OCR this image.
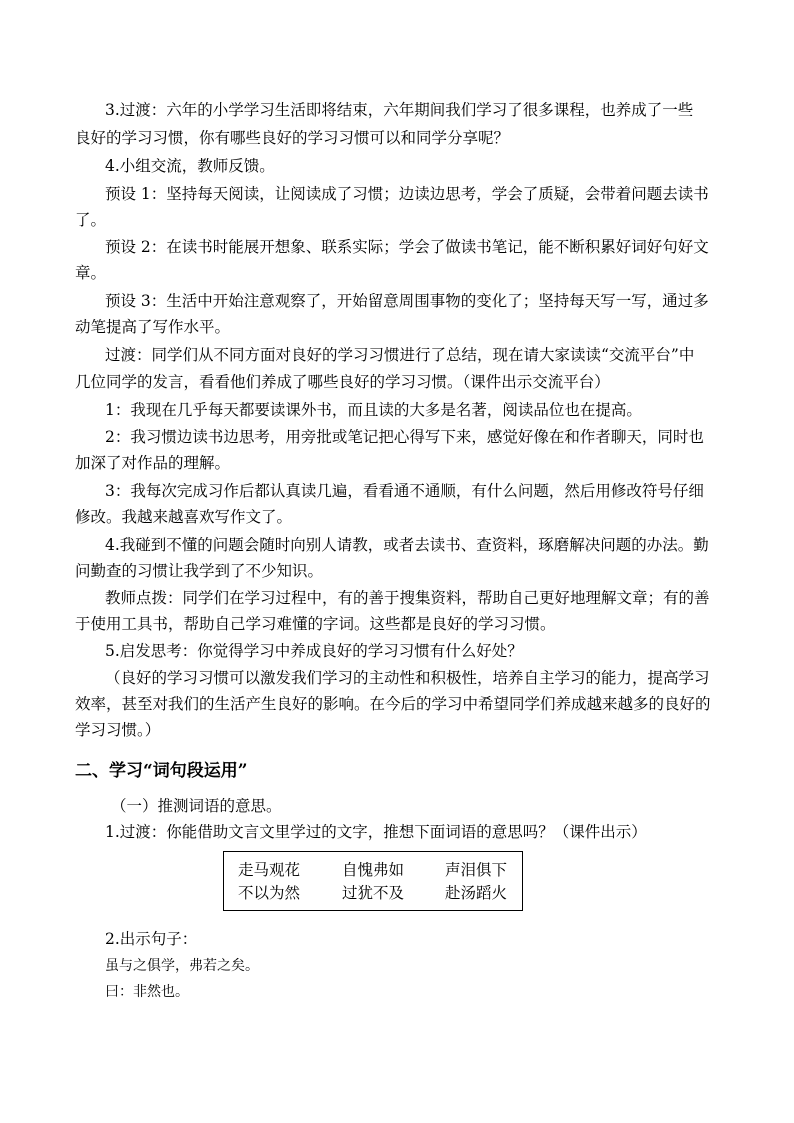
3.过渡：六年的小学学习生活即将结束，六年期间我们学习了很多课程，也养成了一些
良好的学习习惯，你有哪些良好的学习习惯可以和同学分享呢？
4.小组交流，教师反馈。
预设 1：坚持每天阅读，让阅读成了习惯；边读边思考，学会了质疑，会带着问题去读书
了。
预设 2：在读书时能展开想象、联系实际；学会了做读书笔记，能不断积累好词好句好文
章。
预设 3：生活中开始注意观察了，开始留意周围事物的变化了；坚持每天写一写，通过多
动笔提高了写作水平。
过渡：同学们从不同方面对良好的学习习惯进行了总结，现在请大家读读“交流平台”中
几位同学的发言，看看他们养成了哪些良好的学习习惯。（课件出示交流平台）
1：我现在几乎每天都要读课外书，而且读的大多是名著，阅读品位也在提高。
2：我习惯边读书边思考，用旁批或笔记把心得写下来，感觉好像在和作者聊天，同时也
加深了对作品的理解。
3：我每次完成习作后都认真读几遍，看看通不通顺，有什么问题，然后用修改符号仔细
修改。我越来越喜欢写作文了。
4.我碰到不懂的问题会随时向别人请教，或者去读书、查资料，琢磨解决问题的办法。勤
问勤查的习惯让我学到了不少知识。
教师点拨：同学们在学习过程中，有的善于搜集资料，帮助自己更好地理解文章；有的善
于使用工具书，帮助自己学习难懂的字词。这些都是良好的学习习惯。
5.启发思考：你觉得学习中养成良好的学习习惯有什么好处？
（良好的学习习惯可以激发我们学习的主动性和积极性，培养自主学习的能力，提高学习
效率，甚至对我们的生活产生良好的影响。在今后的学习中希望同学们养成越来越多的良好的
学习习惯。）
二、学习“词句段运用”
（一）推测词语的意思。
1.过渡：你能借助文言文里学过的文字，推想下面词语的意思吗？（课件出示）
走马观花	自愧弗如	声泪俱下
不以为然	过犹不及	赴汤蹈火
2.出示句子：
虽与之俱学，弗若之矣。
曰：非然也。
